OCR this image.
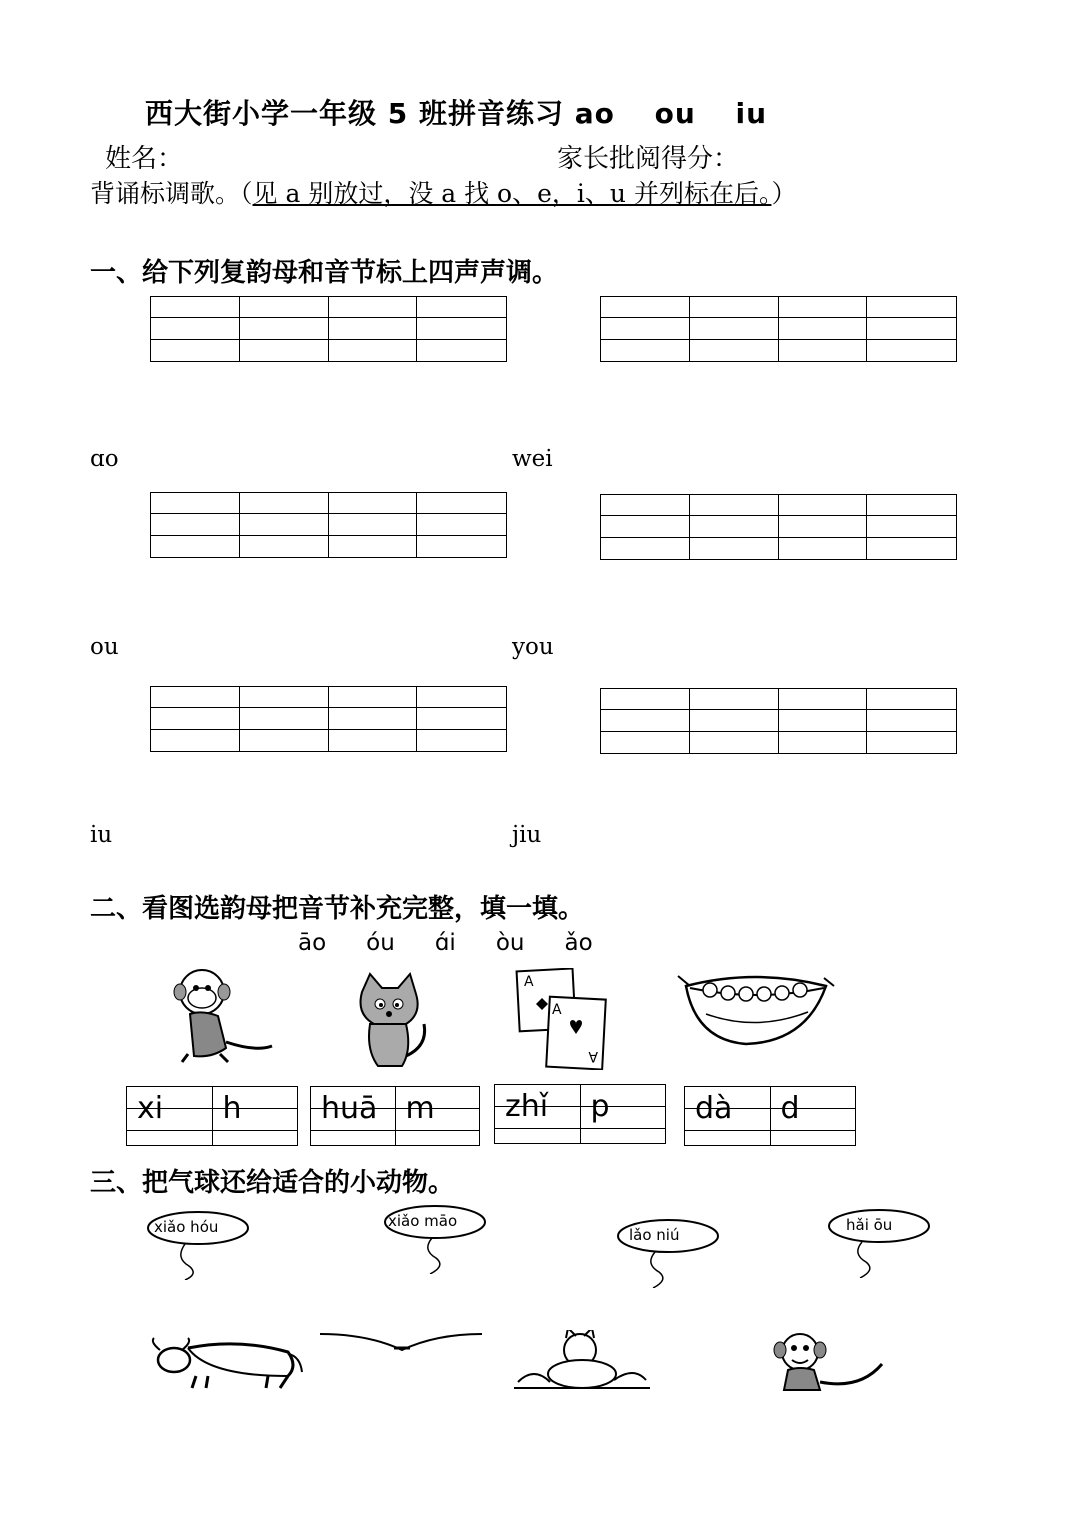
西大街小学一年级 5 班拼音练习 ao　 ou　 iu
姓名：	家长批阅得分：
背诵标调歌。（见 a 别放过，没 a 找 o、e，i、u 并列标在后。）
一、给下列复韵母和音节标上四声声调。
ɑo	wei
ou	you
iu	jiu
二、看图选韵母把音节补充完整，填一填。
āo óu ɑ́i òu ǎo
A
A
A
xi h	huā m zhǐ p	dà d
三、把气球还给适合的小动物。
xiǎo hóu	xiǎo māo
lǎo niú
hǎi ōu
